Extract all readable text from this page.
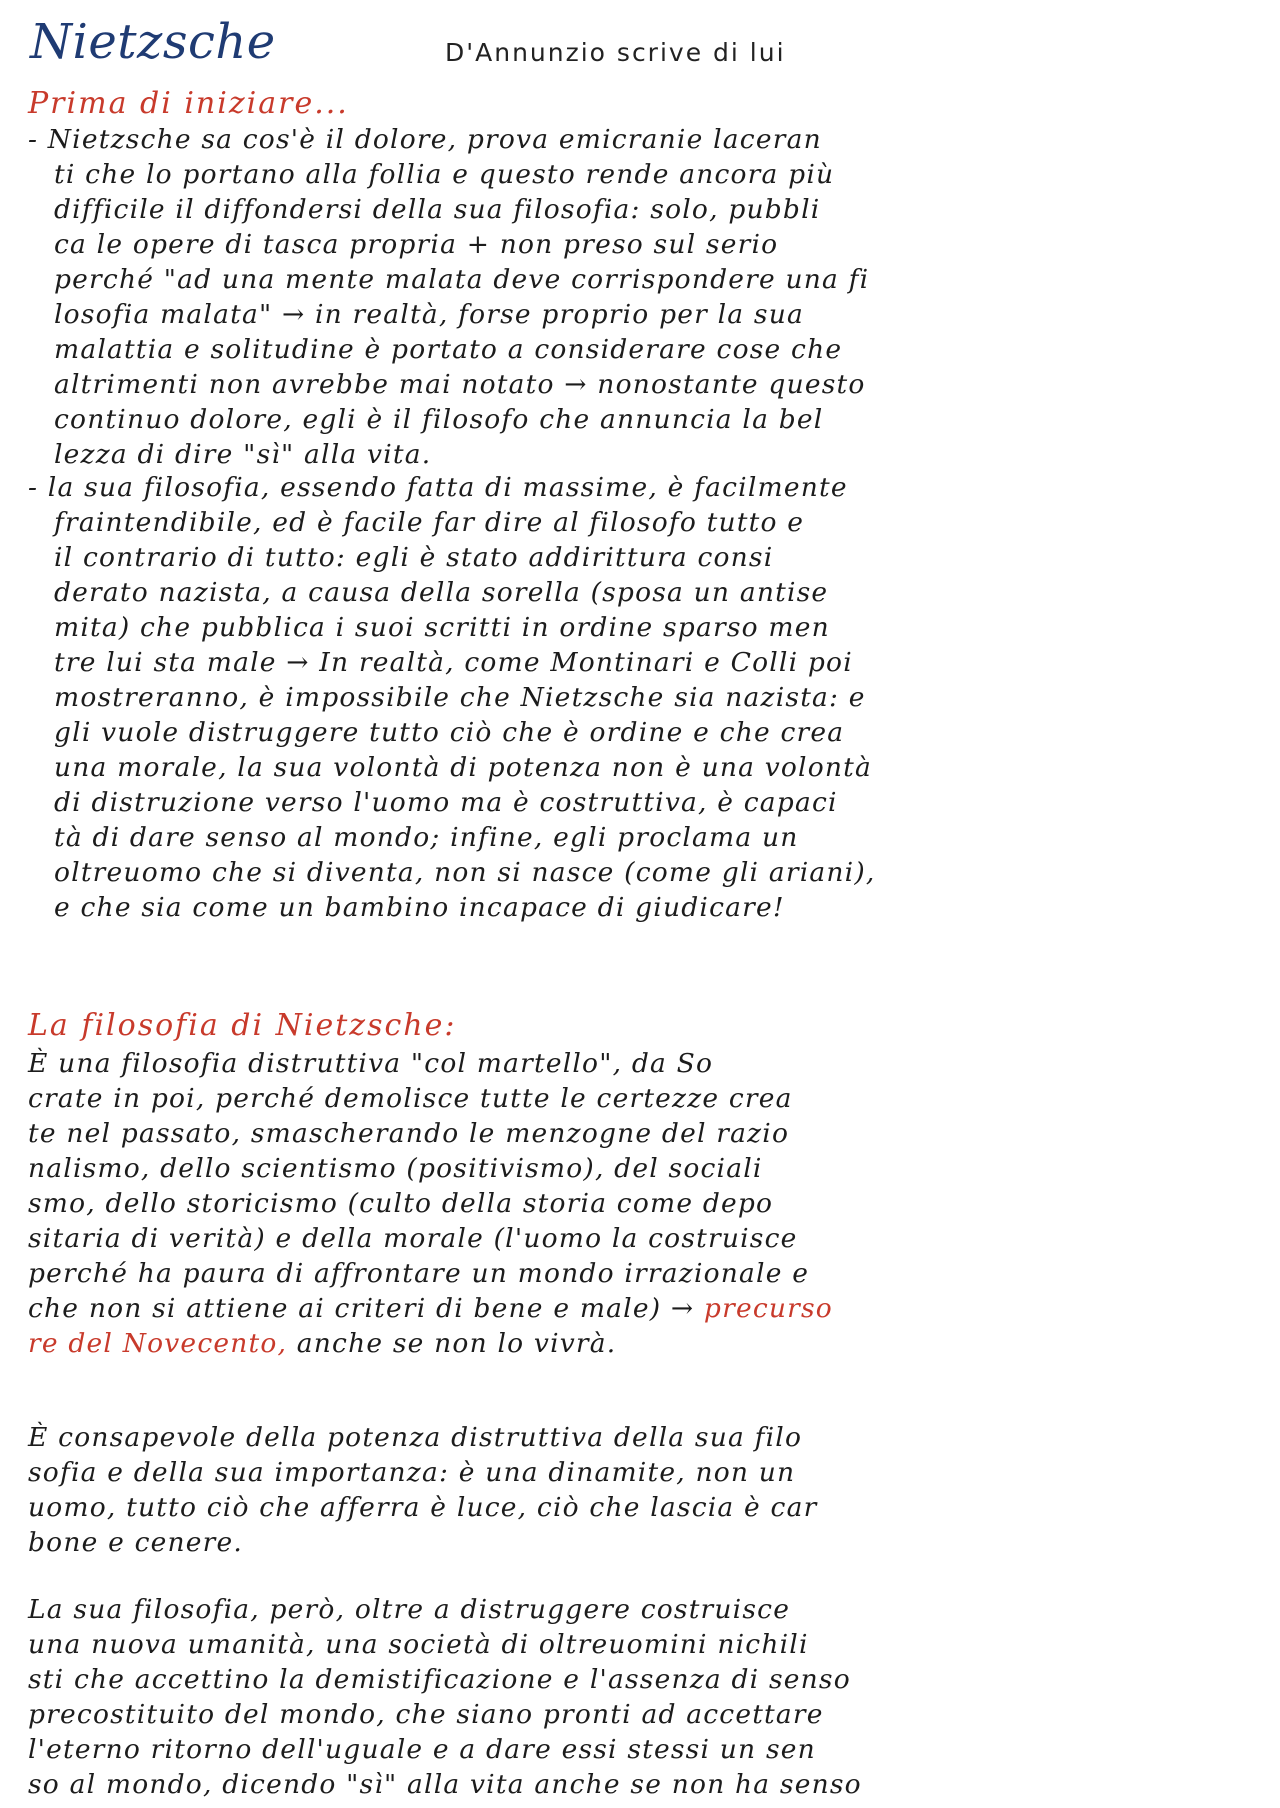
Nietzsche	D'Annunzio scrive di lui
Prima di iniziare...
- Nietzsche sa cos'è il dolore, prova emicranie laceran
ti che lo portano alla follia e questo rende ancora più
difficile il diffondersi della sua filosofia: solo, pubbli
ca le opere di tasca propria + non preso sul serio
perché "ad una mente malata deve corrispondere una fi
losofia malata" → in realtà, forse proprio per la sua
malattia e solitudine è portato a considerare cose che
altrimenti non avrebbe mai notato → nonostante questo
continuo dolore, egli è il filosofo che annuncia la bel
lezza di dire "sì" alla vita.
- la sua filosofia, essendo fatta di massime, è facilmente
fraintendibile, ed è facile far dire al filosofo tutto e
il contrario di tutto: egli è stato addirittura consi
derato nazista, a causa della sorella (sposa un antise
mita) che pubblica i suoi scritti in ordine sparso men
tre lui sta male → In realtà, come Montinari e Colli poi
mostreranno, è impossibile che Nietzsche sia nazista: e
gli vuole distruggere tutto ciò che è ordine e che crea
una morale, la sua volontà di potenza non è una volontà
di distruzione verso l'uomo ma è costruttiva, è capaci
tà di dare senso al mondo; infine, egli proclama un
oltreuomo che si diventa, non si nasce (come gli ariani),
e che sia come un bambino incapace di giudicare!
La filosofia di Nietzsche:
È una filosofia distruttiva "col martello", da So
crate in poi, perché demolisce tutte le certezze crea
te nel passato, smascherando le menzogne del razio
nalismo, dello scientismo (positivismo), del sociali
smo, dello storicismo (culto della storia come depo
sitaria di verità) e della morale (l'uomo la costruisce
perché ha paura di affrontare un mondo irrazionale e
che non si attiene ai criteri di bene e male) → precurso
re del Novecento, anche se non lo vivrà.
È consapevole della potenza distruttiva della sua filo
sofia e della sua importanza: è una dinamite, non un
uomo, tutto ciò che afferra è luce, ciò che lascia è car
bone e cenere.
La sua filosofia, però, oltre a distruggere costruisce
una nuova umanità, una società di oltreuomini nichili
sti che accettino la demistificazione e l'assenza di senso
precostituito del mondo, che siano pronti ad accettare
l'eterno ritorno dell'uguale e a dare essi stessi un sen
so al mondo, dicendo "sì" alla vita anche se non ha senso
